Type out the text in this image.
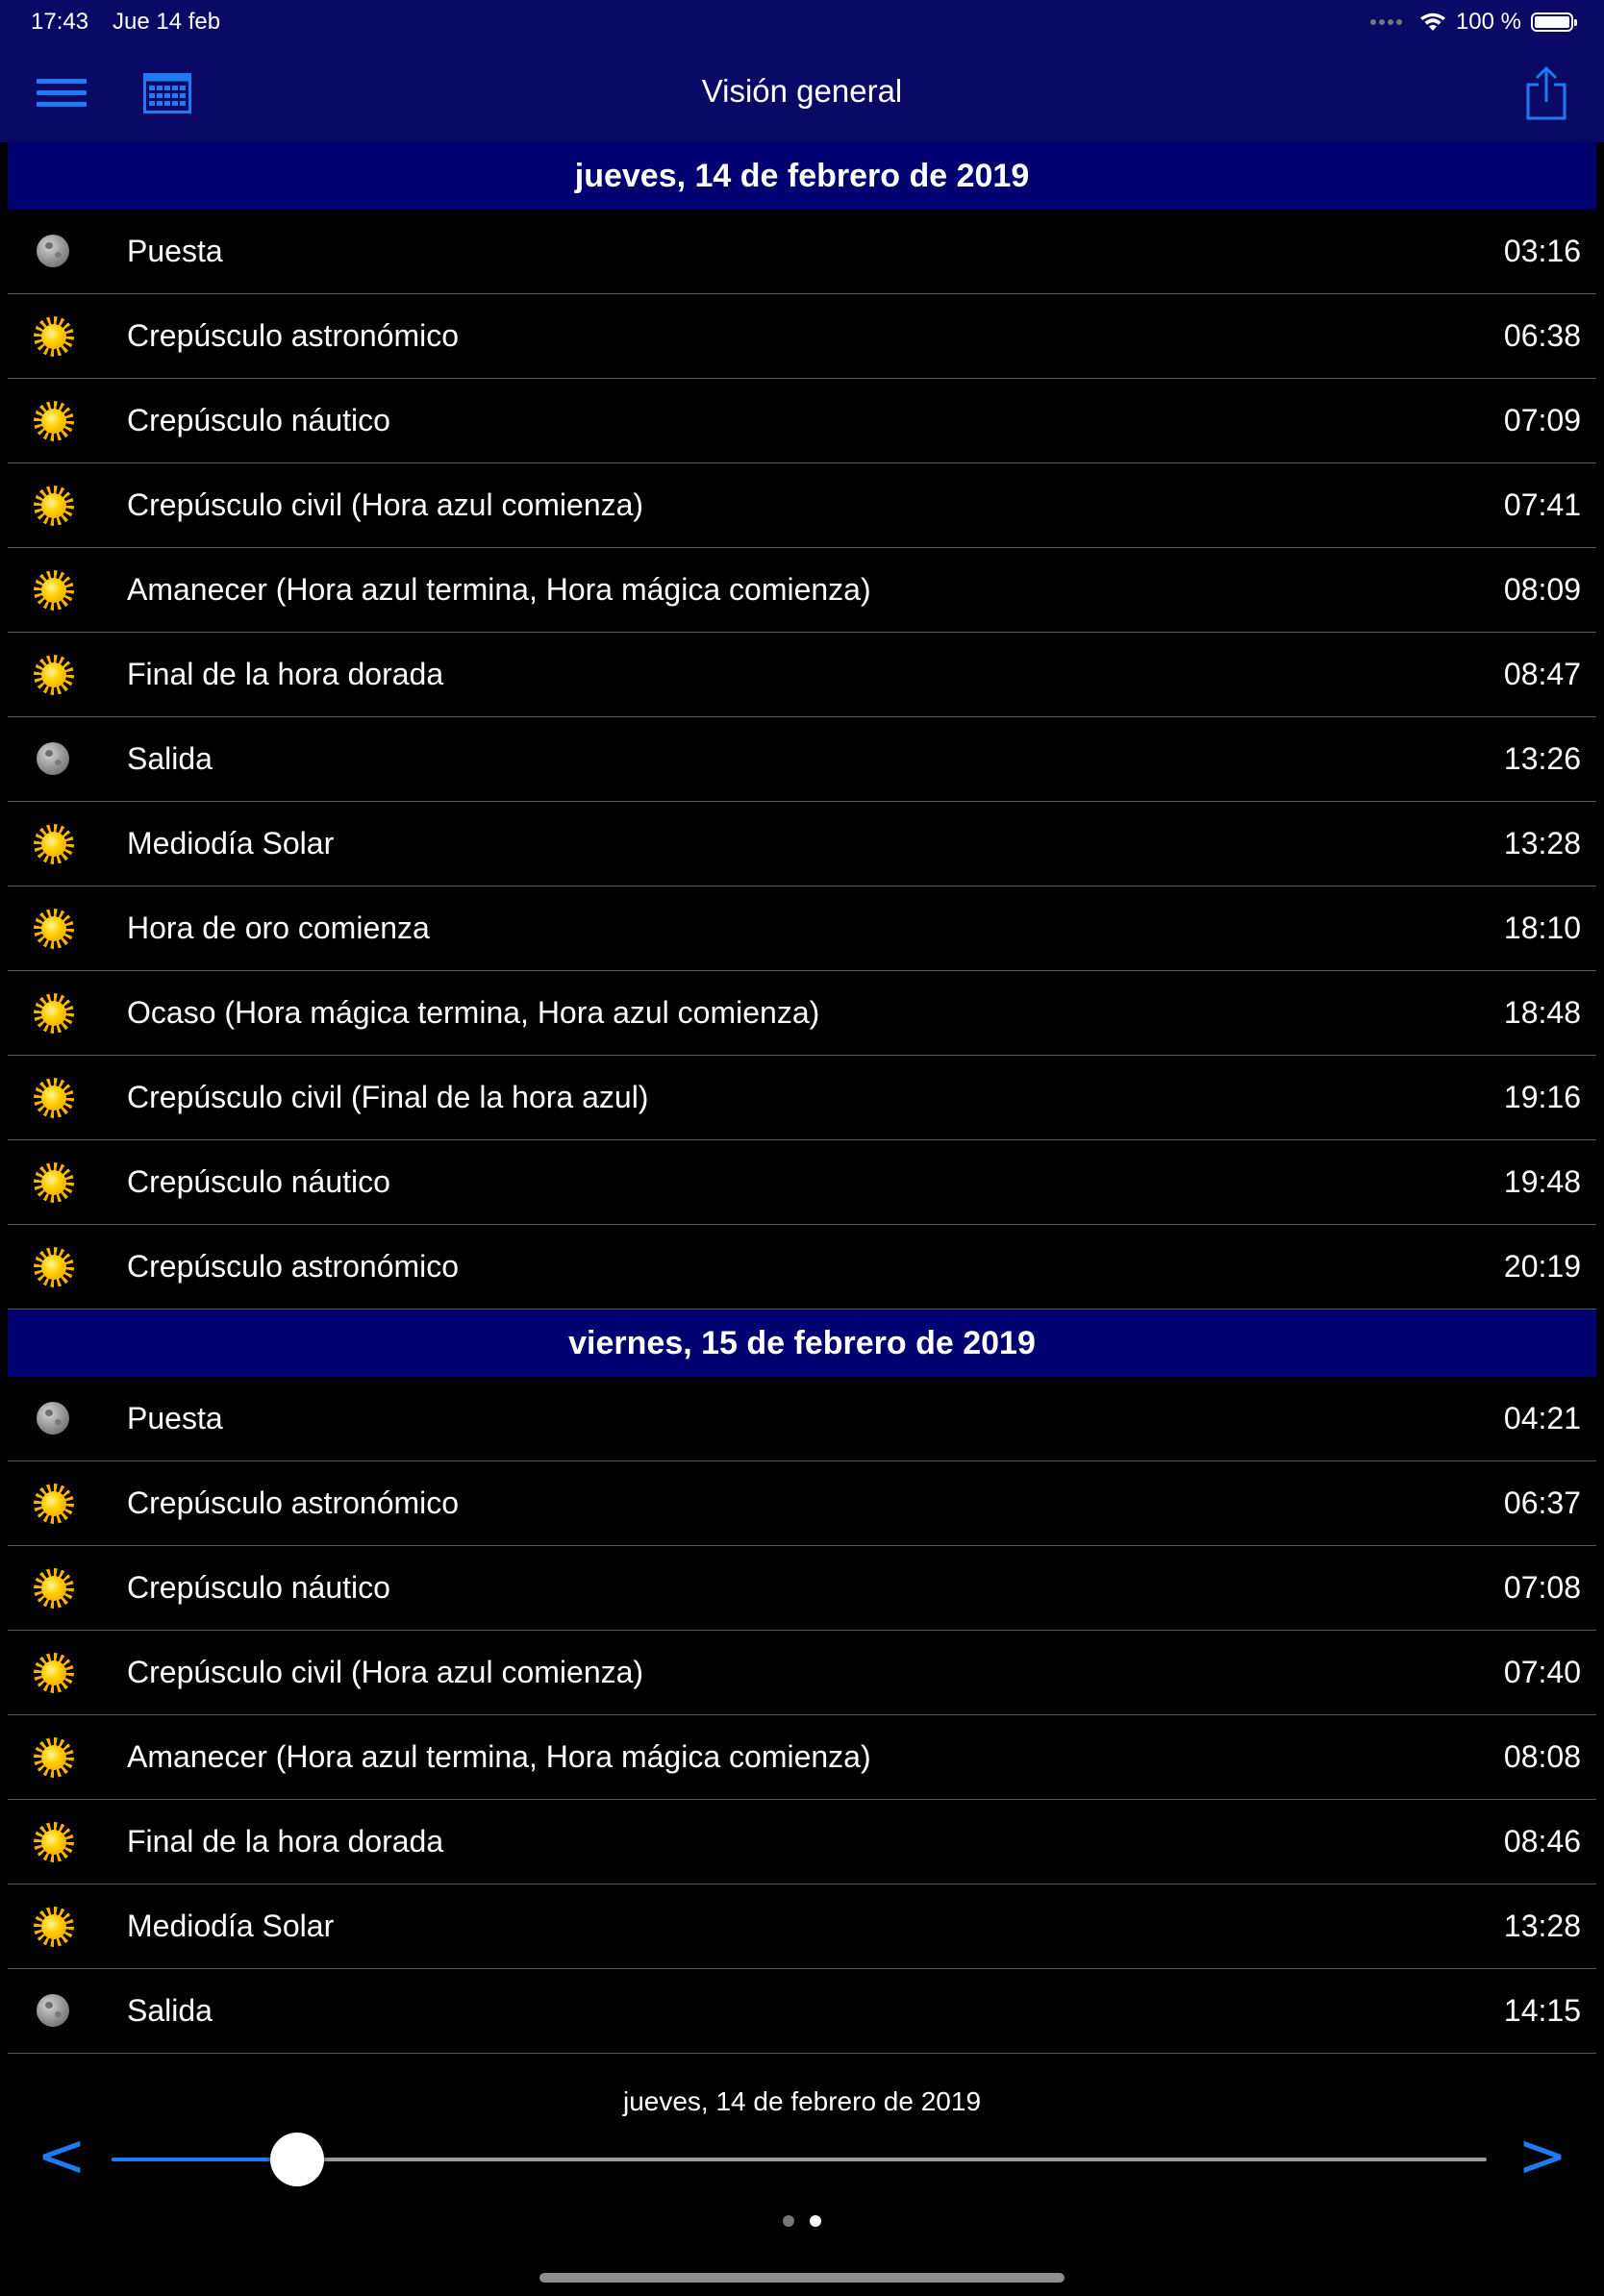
17:43 Jue 14 feb	100 %
Visión general
jueves, 14 de febrero de 2019
Puesta	03:16
Crepúsculo astronómico	06:38
Crepúsculo náutico	07:09
Crepúsculo civil (Hora azul comienza)	07:41
Amanecer (Hora azul termina, Hora mágica comienza)	08:09
Final de la hora dorada	08:47
Salida	13:26
Mediodía Solar	13:28
Hora de oro comienza	18:10
Ocaso (Hora mágica termina, Hora azul comienza)	18:48
Crepúsculo civil (Final de la hora azul)	19:16
Crepúsculo náutico	19:48
Crepúsculo astronómico	20:19
viernes, 15 de febrero de 2019
Puesta	04:21
Crepúsculo astronómico	06:37
Crepúsculo náutico	07:08
Crepúsculo civil (Hora azul comienza)	07:40
Amanecer (Hora azul termina, Hora mágica comienza)	08:08
Final de la hora dorada	08:46
Mediodía Solar	13:28
Salida	14:15
jueves, 14 de febrero de 2019
<	>
